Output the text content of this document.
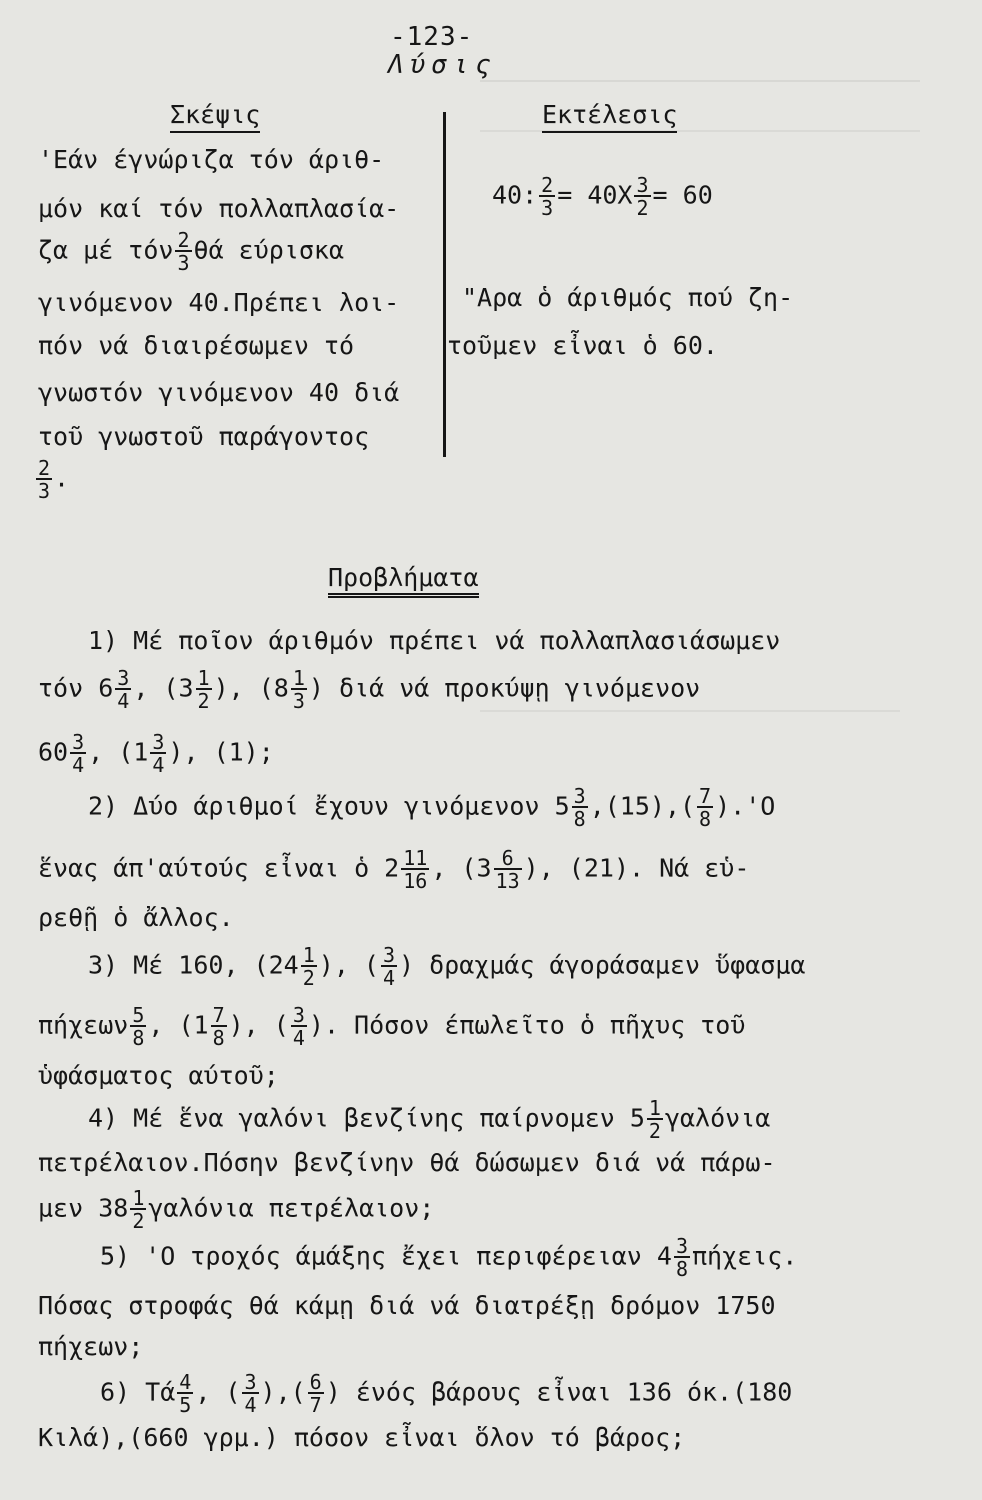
-123-
Λύσις
Σκέψις	Εκτέλεσις
'Εάν έγνώριζα τόν άριθ-
μόν καί τόν πολλαπλασία-
ζα μέ τόν $\frac{2}{3}$ θά εύρισκα
γινόμενον 40.Πρέπει λοι-
πόν νά διαιρέσωμεν τό
γνωστόν γινόμενον 40 διά
τοῦ γνωστοῦ παράγοντος
$\frac{2}{3}$ .
40: $\frac{2}{3} = 40X \frac{3}{2} = 60$
"Αρα ὁ άριθμός πού ζη-
τοῦμεν εἶναι ὁ 60.
Προβλήματα
1) Μέ ποῖον άριθμόν πρέπει νά πολλαπλασιάσωμεν
τόν $6 \frac{3}{4}$ , ($3 \frac{1}{2}$ ), ($8 \frac{1}{3}$ ) διά νά προκύψῃ γινόμενον
$60 \frac{3}{4}$ , ($1 \frac{3}{4}$ ), (1);
2) Δύο άριθμοί ἔχουν γινόμενον $5 \frac{3}{8} ,(15),( \frac{7}{8} ).'O$
ἕνας άπ'αύτούς εἶναι ὁ $2 \frac{11}{16}$ , ($3 \frac{6}{13}$ ), (21). Νά εὑ-
ρεθῇ ὁ ἄλλος.
3) Μέ 160, ($24 \frac{1}{2}$ ), ( $\frac{3}{4}$ ) δραχμάς άγοράσαμεν ὕφασμα
πήχεων $\frac{5}{8}$ , ($1 \frac{7}{8}$ ), ( $\frac{3}{4}$ ). Πόσον έπωλεῖτο ὁ πῆχυς τοῦ
ὑφάσματος αύτοῦ;
4) Μέ ἕνα γαλόνι βενζίνης παίρνομεν $5 \frac{1}{2}$ γαλόνια
πετρέλαιον.Πόσην βενζίνην θά δώσωμεν διά νά πάρω-
μεν $38 \frac{1}{2}$ γαλόνια πετρέλαιον;
5) 'Ο τροχός άμάξης ἔχει περιφέρειαν $4 \frac{3}{8} \pi ή\chi\varepsilon\iota\varsigma$.
Πόσας στροφάς θά κάμῃ διά νά διατρέξῃ δρόμον 1750
πήχεων;
6) Τά $\frac{4}{5}$ , ( $\frac{3}{4}$ ),( $\frac{6}{7}$ ) ένός βάρους εἶναι 136 όκ.(180
Κιλά),(660 γρμ.) πόσον εἶναι ὅλον τό βάρος;
